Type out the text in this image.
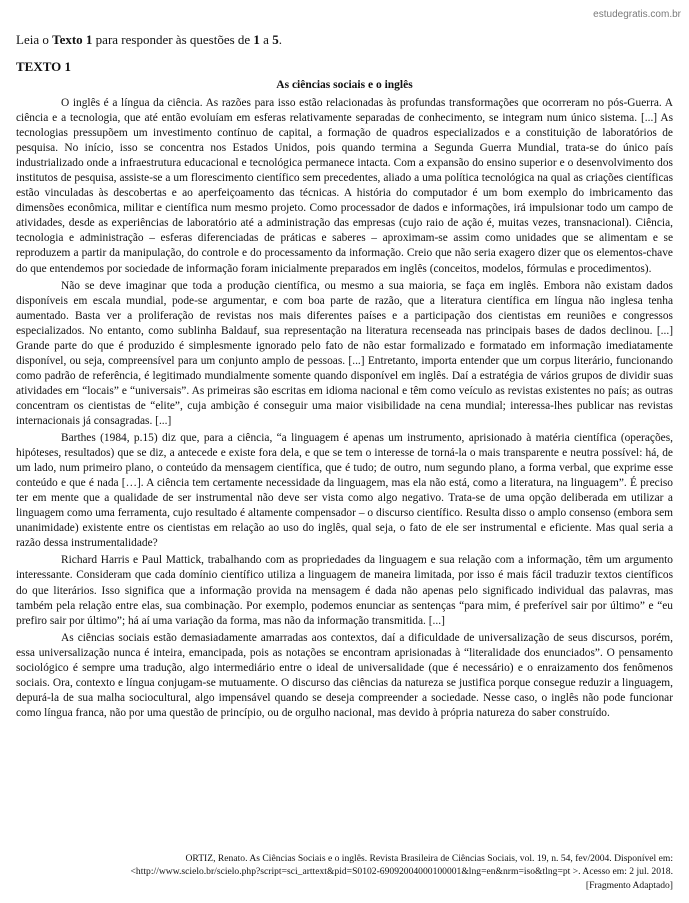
estudegratis.com.br
Leia o Texto 1 para responder às questões de 1 a 5.
TEXTO 1
As ciências sociais e o inglês

O inglês é a língua da ciência. As razões para isso estão relacionadas às profundas transformações que ocorreram no pós-Guerra. A ciência e a tecnologia, que até então evoluíam em esferas relativamente separadas de conhecimento, se integram num único sistema. [...] As tecnologias pressupõem um investimento contínuo de capital, a formação de quadros especializados e a constituição de laboratórios de pesquisa. No início, isso se concentra nos Estados Unidos, pois quando termina a Segunda Guerra Mundial, trata-se do único país industrializado onde a infraestrutura educacional e tecnológica permanece intacta. Com a expansão do ensino superior e o desenvolvimento dos institutos de pesquisa, assiste-se a um florescimento científico sem precedentes, aliado a uma política tecnológica na qual as criações científicas estão vinculadas às descobertas e ao aperfeiçoamento das técnicas. A história do computador é um bom exemplo do imbricamento das dimensões econômica, militar e científica num mesmo projeto. Como processador de dados e informações, irá impulsionar todo um campo de atividades, desde as experiências de laboratório até a administração das empresas (cujo raio de ação é, muitas vezes, transnacional). Ciência, tecnologia e administração – esferas diferenciadas de práticas e saberes – aproximam-se assim como unidades que se alimentam e se reproduzem a partir da manipulação, do controle e do processamento da informação. Creio que não seria exagero dizer que os elementos-chave do que entendemos por sociedade de informação foram inicialmente preparados em inglês (conceitos, modelos, fórmulas e procedimentos).

Não se deve imaginar que toda a produção científica, ou mesmo a sua maioria, se faça em inglês. Embora não existam dados disponíveis em escala mundial, pode-se argumentar, e com boa parte de razão, que a literatura científica em língua não inglesa tenha aumentado. Basta ver a proliferação de revistas nos mais diferentes países e a participação dos cientistas em reuniões e congressos especializados. No entanto, como sublinha Baldauf, sua representação na literatura recenseada nas principais bases de dados declinou. [...] Grande parte do que é produzido é simplesmente ignorado pelo fato de não estar formalizado e formatado em informação imediatamente disponível, ou seja, compreensível para um conjunto amplo de pessoas. [...] Entretanto, importa entender que um corpus literário, funcionando como padrão de referência, é legitimado mundialmente somente quando disponível em inglês. Daí a estratégia de vários grupos de dividir suas atividades em “locais” e “universais”. As primeiras são escritas em idioma nacional e têm como veículo as revistas existentes no país; as outras concentram os cientistas de “elite”, cuja ambição é conseguir uma maior visibilidade na cena mundial; interessa-lhes publicar nas revistas internacionais já consagradas. [...]

Barthes (1984, p.15) diz que, para a ciência, “a linguagem é apenas um instrumento, aprisionado à matéria científica (operações, hipóteses, resultados) que se diz, a antecede e existe fora dela, e que se tem o interesse de torná-la o mais transparente e neutra possível: há, de um lado, num primeiro plano, o conteúdo da mensagem científica, que é tudo; de outro, num segundo plano, a forma verbal, que exprime esse conteúdo e que é nada […]. A ciência tem certamente necessidade da linguagem, mas ela não está, como a literatura, na linguagem”. É preciso ter em mente que a qualidade de ser instrumental não deve ser vista como algo negativo. Trata-se de uma opção deliberada em utilizar a linguagem como uma ferramenta, cujo resultado é altamente compensador – o discurso científico. Resulta disso o amplo consenso (embora sem unanimidade) existente entre os cientistas em relação ao uso do inglês, qual seja, o fato de ele ser instrumental e eficiente. Mas qual seria a razão dessa instrumentalidade?

Richard Harris e Paul Mattick, trabalhando com as propriedades da linguagem e sua relação com a informação, têm um argumento interessante. Consideram que cada domínio científico utiliza a linguagem de maneira limitada, por isso é mais fácil traduzir textos científicos do que literários. Isso significa que a informação provida na mensagem é dada não apenas pelo significado individual das palavras, mas também pela relação entre elas, sua combinação. Por exemplo, podemos enunciar as sentenças “para mim, é preferível sair por último” e “eu prefiro sair por último”; há aí uma variação da forma, mas não da informação transmitida. [...]

As ciências sociais estão demasiadamente amarradas aos contextos, daí a dificuldade de universalização de seus discursos, porém, essa universalização nunca é inteira, emancipada, pois as notações se encontram aprisionadas à “literalidade dos enunciados”. O pensamento sociológico é sempre uma tradução, algo intermediário entre o ideal de universalidade (que é necessário) e o enraizamento dos fenômenos sociais. Ora, contexto e língua conjugam-se mutuamente. O discurso das ciências da natureza se justifica porque consegue reduzir a linguagem, depurá-la de sua malha sociocultural, algo impensável quando se deseja compreender a sociedade. Nesse caso, o inglês não pode funcionar como língua franca, não por uma questão de princípio, ou de orgulho nacional, mas devido à própria natureza do saber construído.

ORTIZ, Renato. As Ciências Sociais e o inglês. Revista Brasileira de Ciências Sociais, vol. 19, n. 54, fev/2004. Disponível em:
<http://www.scielo.br/scielo.php?script=sci_arttext&pid=S0102-69092004000100001&lng=en&nrm=iso&tlng=pt >. Acesso em: 2 jul. 2018.
[Fragmento Adaptado]
